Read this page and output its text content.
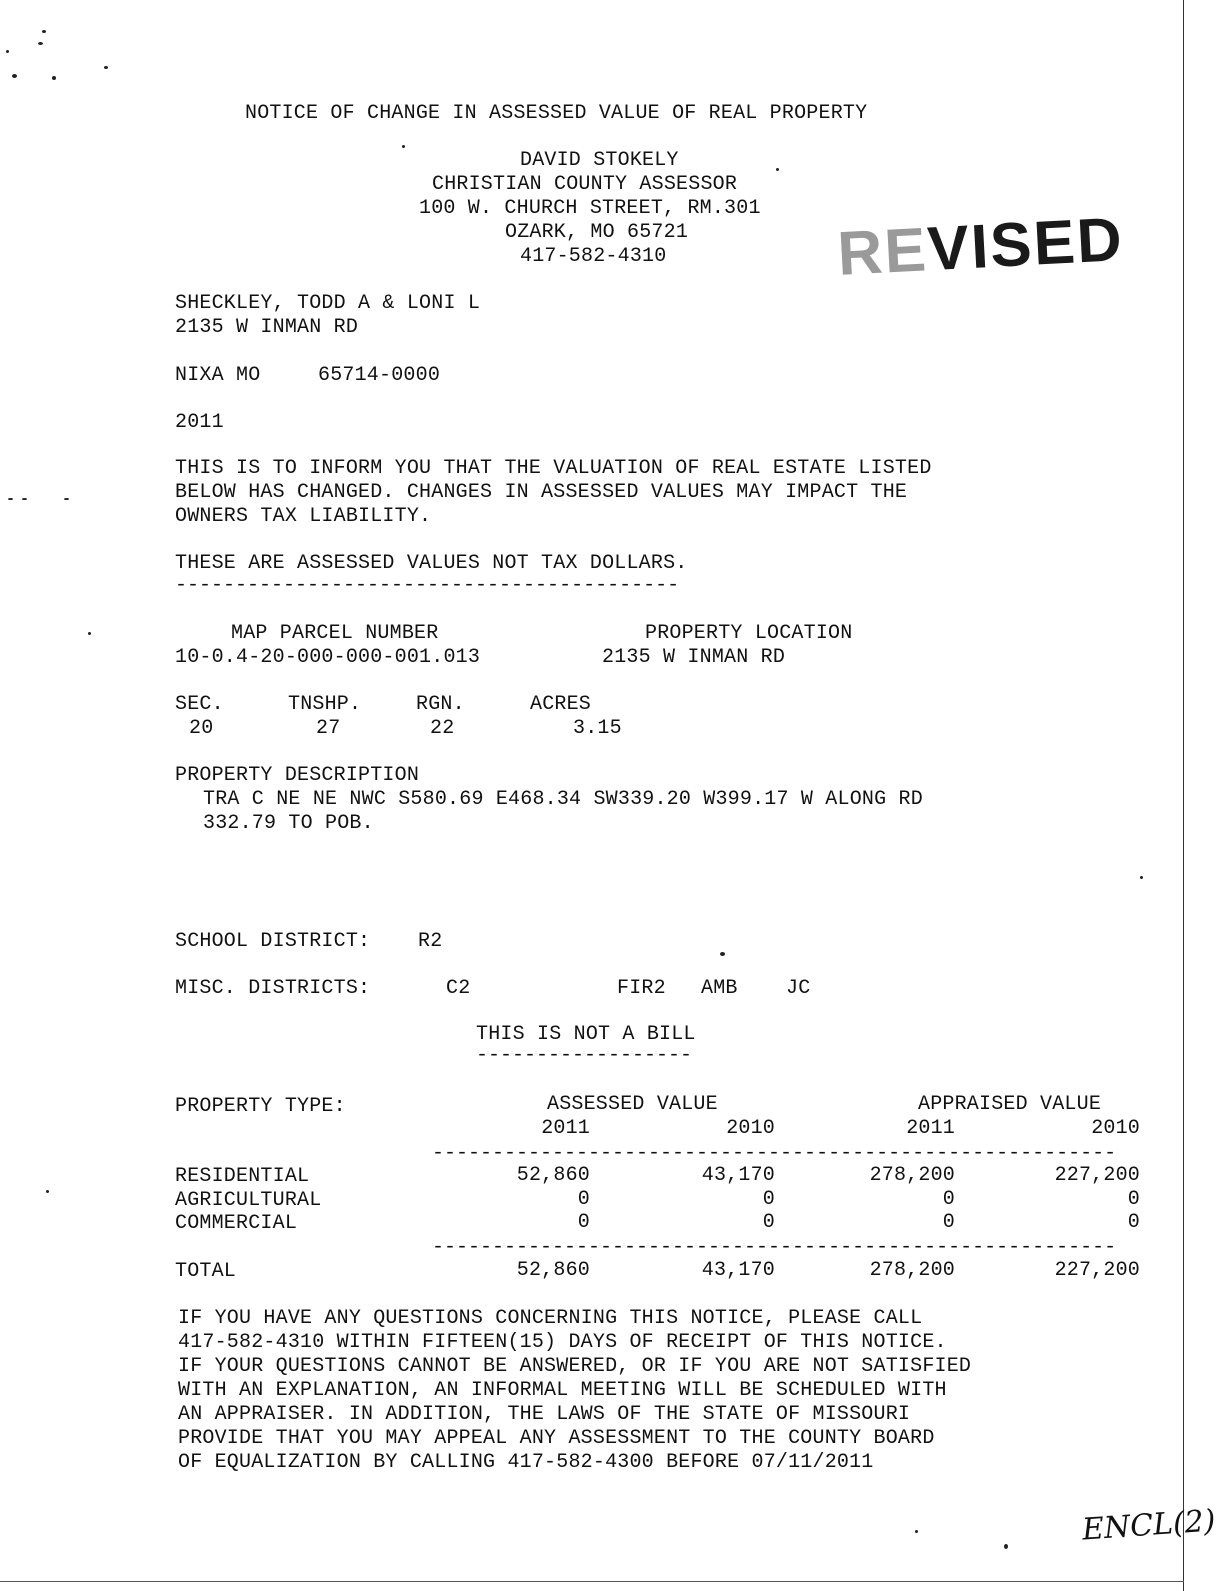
NOTICE OF CHANGE IN ASSESSED VALUE OF REAL PROPERTY
DAVID STOKELY
CHRISTIAN COUNTY ASSESSOR
100 W. CHURCH STREET, RM.301
OZARK, MO 65721
417-582-4310	REVISED
SHECKLEY, TODD A & LONI L
2135 W INMAN RD
NIXA MO	65714-0000
2011
THIS IS TO INFORM YOU THAT THE VALUATION OF REAL ESTATE LISTED
BELOW HAS CHANGED. CHANGES IN ASSESSED VALUES MAY IMPACT THE
OWNERS TAX LIABILITY.
THESE ARE ASSESSED VALUES NOT TAX DOLLARS.
------------------------------------------
MAP PARCEL NUMBER	PROPERTY LOCATION
10-0.4-20-000-000-001.013	2135 W INMAN RD
SEC.	TNSHP.	RGN.	ACRES
20	27	22	3.15
PROPERTY DESCRIPTION
TRA C NE NE NWC S580.69 E468.34 SW339.20 W399.17 W ALONG RD
332.79 TO POB.
SCHOOL DISTRICT: R2
MISC. DISTRICTS:	C2	FIR2 AMB JC
THIS IS NOT A BILL
------------------
PROPERTY TYPE:	ASSESSED VALUE	APPRAISED VALUE
2011	2010	2011	2010
---------------------------------------------------------
RESIDENTIAL	52,860	43,170	278,200	227,200
AGRICULTURAL	0	0	0	0
COMMERCIAL	0	0	0	0
---------------------------------------------------------
TOTAL	52,860	43,170	278,200	227,200
IF YOU HAVE ANY QUESTIONS CONCERNING THIS NOTICE, PLEASE CALL
417-582-4310 WITHIN FIFTEEN(15) DAYS OF RECEIPT OF THIS NOTICE.
IF YOUR QUESTIONS CANNOT BE ANSWERED, OR IF YOU ARE NOT SATISFIED
WITH AN EXPLANATION, AN INFORMAL MEETING WILL BE SCHEDULED WITH
AN APPRAISER. IN ADDITION, THE LAWS OF THE STATE OF MISSOURI
PROVIDE THAT YOU MAY APPEAL ANY ASSESSMENT TO THE COUNTY BOARD
OF EQUALIZATION BY CALLING 417-582-4300 BEFORE 07/11/2011
ENCL(2)
